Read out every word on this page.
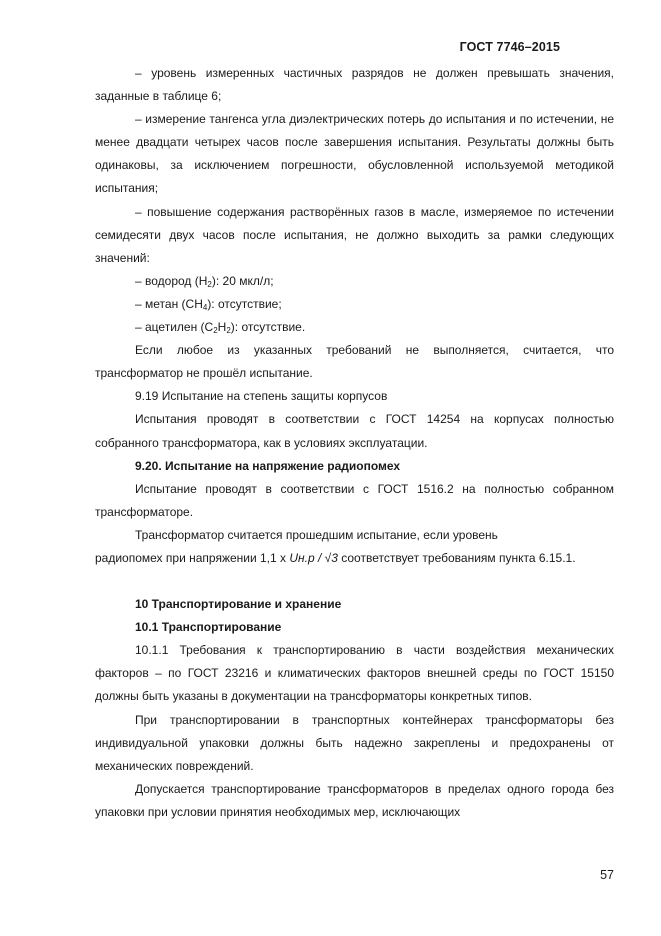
ГОСТ 7746–2015

– уровень измеренных частичных разрядов не должен превышать значения, заданные в таблице 6;

– измерение тангенса угла диэлектрических потерь до испытания и по истечении, не менее двадцати четырех часов после завершения испытания. Результаты должны быть одинаковы, за исключением погрешности, обусловленной используемой методикой испытания;

– повышение содержания растворённых газов в масле, измеряемое по истечении семидесяти двух часов после испытания, не должно выходить за рамки следующих значений:

– водород $(H_2)$: 20 мкл/л;

– метан $(CH_4)$: отсутствие;

– ацетилен $(C_2H_2)$: отсутствие.

Если любое из указанных требований не выполняется, считается, что трансформатор не прошёл испытание.

9.19 Испытание на степень защиты корпусов

Испытания проводят в соответствии с ГОСТ 14254 на корпусах полностью собранного трансформатора, как в условиях эксплуатации.

9.20. Испытание на напряжение радиопомех

Испытание проводят в соответствии с ГОСТ 1516.2 на полностью собранном трансформаторе.

Трансформатор считается прошедшим испытание, если уровень

радиопомех при напряжении 1,1 х Uн.р / √3 соответствует требованиям пункта 6.15.1.

10 Транспортирование и хранение

10.1 Транспортирование

10.1.1 Требования к транспортированию в части воздействия механических факторов – по ГОСТ 23216 и климатических факторов внешней среды по ГОСТ 15150 должны быть указаны в документации на трансформаторы конкретных типов.

При транспортировании в транспортных контейнерах трансформаторы без индивидуальной упаковки должны быть надежно закреплены и предохранены от механических повреждений.

Допускается транспортирование трансформаторов в пределах одного города без упаковки при условии принятия необходимых мер, исключающих

57
